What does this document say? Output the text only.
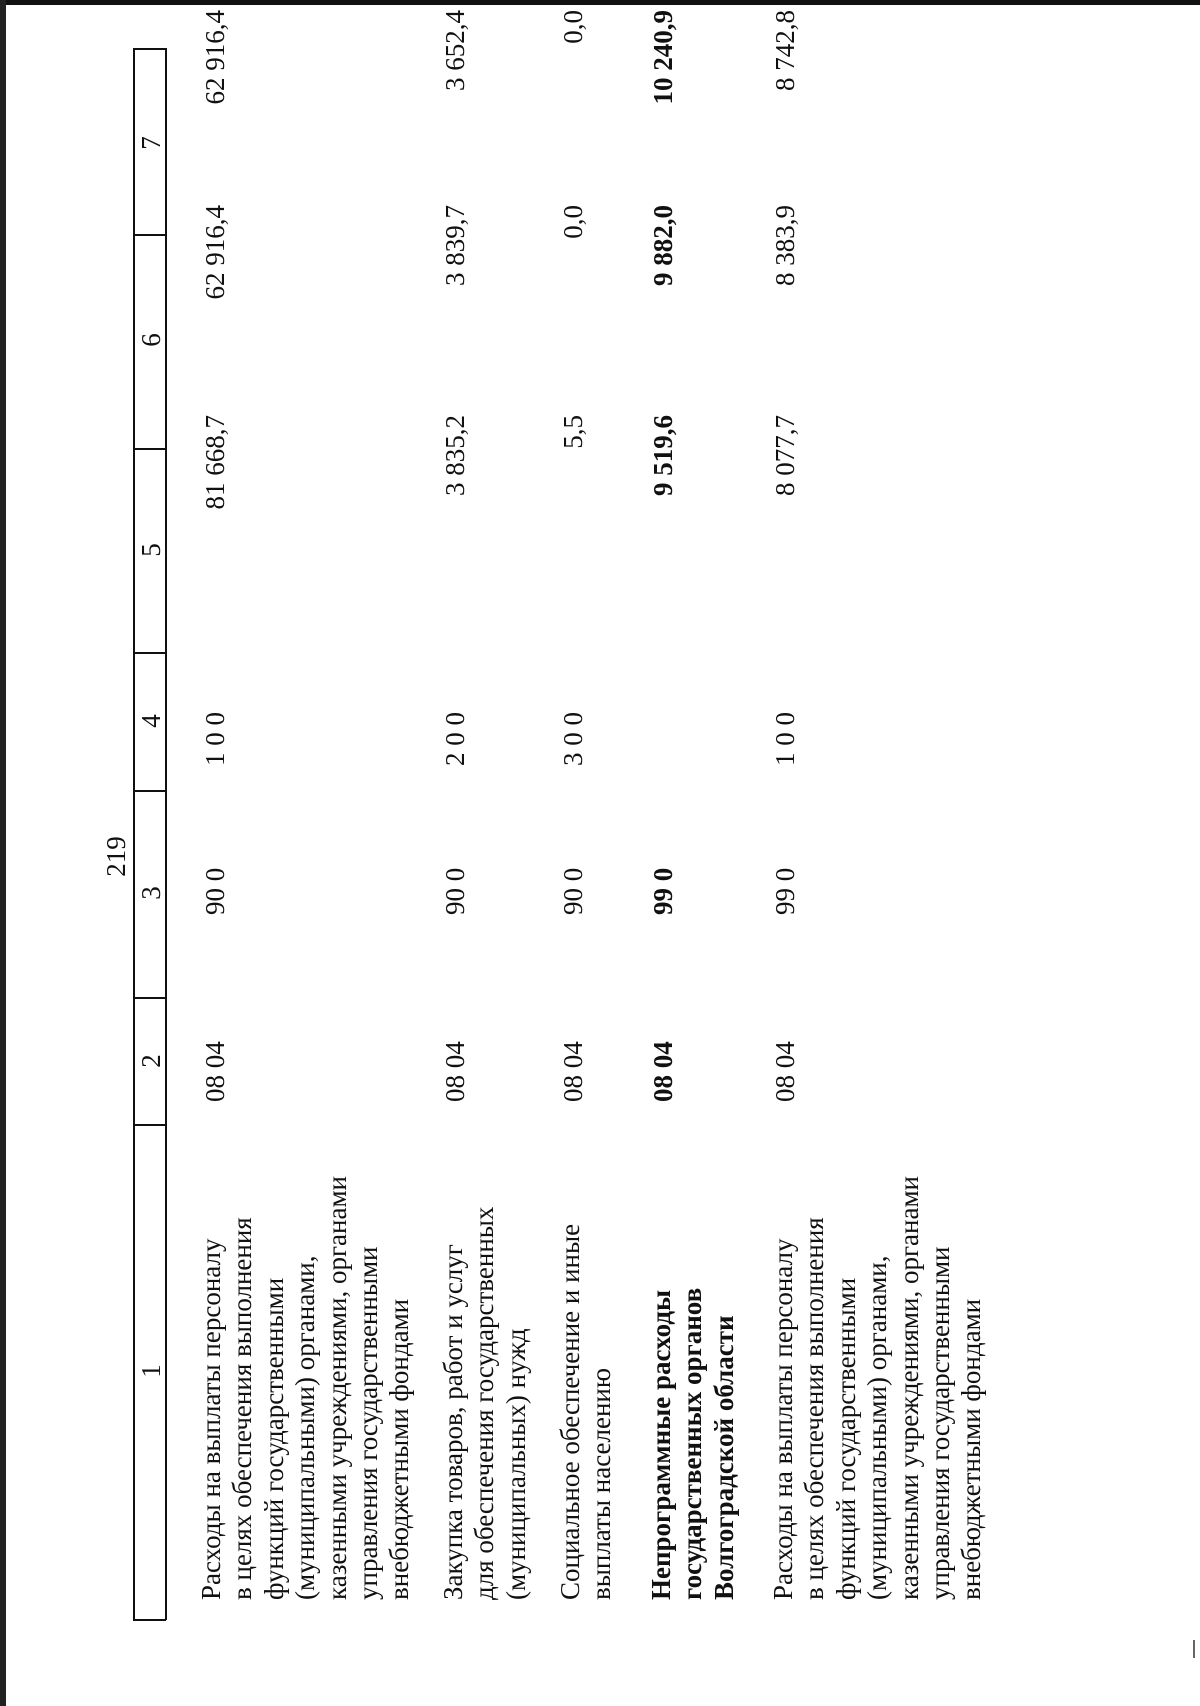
219
7
6
5
4
3
2
1 Расходы на выплаты персоналу в целях обеспечения выполнения функций государственными (муниципальными) органами, казенными учреждениями, органами управления государственными внебюджетными фондами
08 04
90 0
1 0 0
81 668,7
62 916,4
62 916,4
Закупка товаров, работ и услуг для обеспечения государственных (муниципальных) нужд
08 04
90 0
2 0 0
3 835,2
3 839,7
3 652,4
Социальное обеспечение и иные выплаты населению
08 04
90 0
3 0 0
5,5
0,0
0,0
Непрограммные расходы государственных органов Волгоградской области
08 04
99 0
9 519,6
9 882,0
10 240,9
Расходы на выплаты персоналу в целях обеспечения выполнения функций государственными (муниципальными) органами, казенными учреждениями, органами управления государственными внебюджетными фондами
08 04
99 0
1 0 0
8 077,7
8 383,9
8 742,8
